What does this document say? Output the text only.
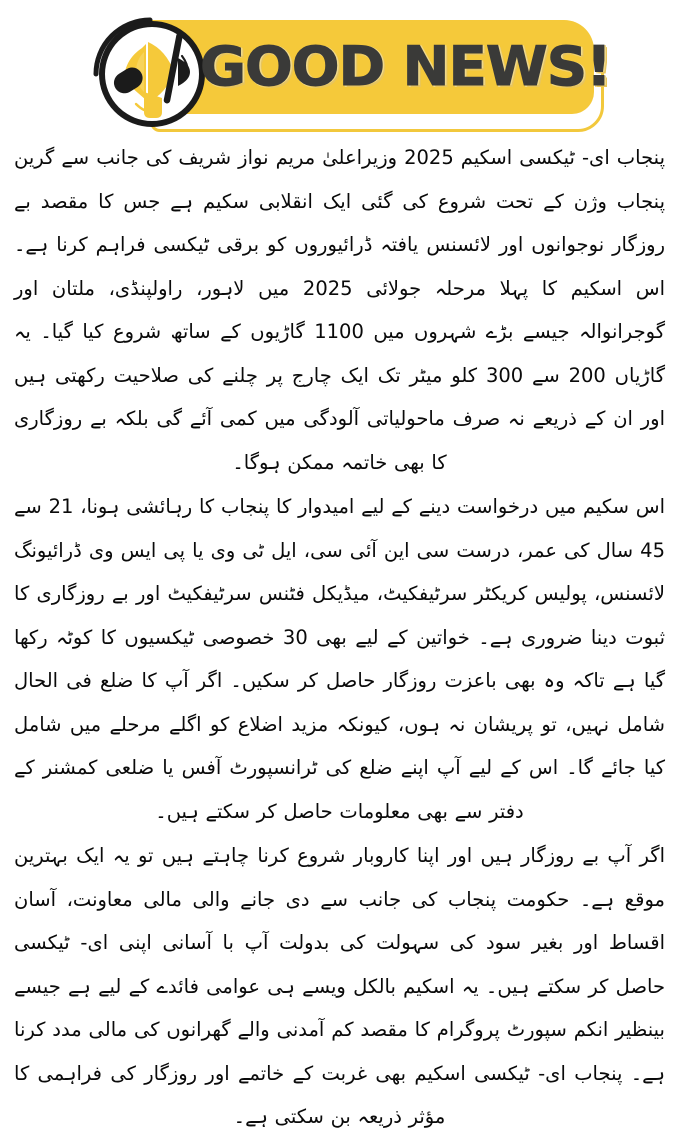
GOOD NEWS!

پنجاب ای- ٹیکسی اسکیم 2025 وزیراعلیٰ مریم نواز شریف کی جانب سے گرین پنجاب وژن کے تحت شروع کی گئی ایک انقلابی سکیم ہے جس کا مقصد بے روزگار نوجوانوں اور لائسنس یافتہ ڈرائیوروں کو برقی ٹیکسی فراہم کرنا ہے۔ اس اسکیم کا پہلا مرحلہ جولائی 2025 میں لاہور، راولپنڈی، ملتان اور گوجرانوالہ جیسے بڑے شہروں میں 1100 گاڑیوں کے ساتھ شروع کیا گیا۔ یہ گاڑیاں 200 سے 300 کلو میٹر تک ایک چارج پر چلنے کی صلاحیت رکھتی ہیں اور ان کے ذریعے نہ صرف ماحولیاتی آلودگی میں کمی آئے گی بلکہ بے روزگاری کا بھی خاتمہ ممکن ہوگا۔

اس سکیم میں درخواست دینے کے لیے امیدوار کا پنجاب کا رہائشی ہونا، 21 سے 45 سال کی عمر، درست سی این آئی سی، ایل ٹی وی یا پی ایس وی ڈرائیونگ لائسنس، پولیس کریکٹر سرٹیفکیٹ، میڈیکل فٹنس سرٹیفکیٹ اور بے روزگاری کا ثبوت دینا ضروری ہے۔ خواتین کے لیے بھی 30 خصوصی ٹیکسیوں کا کوٹہ رکھا گیا ہے تاکہ وہ بھی باعزت روزگار حاصل کر سکیں۔ اگر آپ کا ضلع فی الحال شامل نہیں، تو پریشان نہ ہوں، کیونکہ مزید اضلاع کو اگلے مرحلے میں شامل کیا جائے گا۔ اس کے لیے آپ اپنے ضلع کی ٹرانسپورٹ آفس یا ضلعی کمشنر کے دفتر سے بھی معلومات حاصل کر سکتے ہیں۔

اگر آپ بے روزگار ہیں اور اپنا کاروبار شروع کرنا چاہتے ہیں تو یہ ایک بہترین موقع ہے۔ حکومت پنجاب کی جانب سے دی جانے والی مالی معاونت، آسان اقساط اور بغیر سود کی سہولت کی بدولت آپ با آسانی اپنی ای- ٹیکسی حاصل کر سکتے ہیں۔ یہ اسکیم بالکل ویسے ہی عوامی فائدے کے لیے ہے جیسے بینظیر انکم سپورٹ پروگرام کا مقصد کم آمدنی والے گھرانوں کی مالی مدد کرنا ہے۔ پنجاب ای- ٹیکسی اسکیم بھی غربت کے خاتمے اور روزگار کی فراہمی کا مؤثر ذریعہ بن سکتی ہے۔
